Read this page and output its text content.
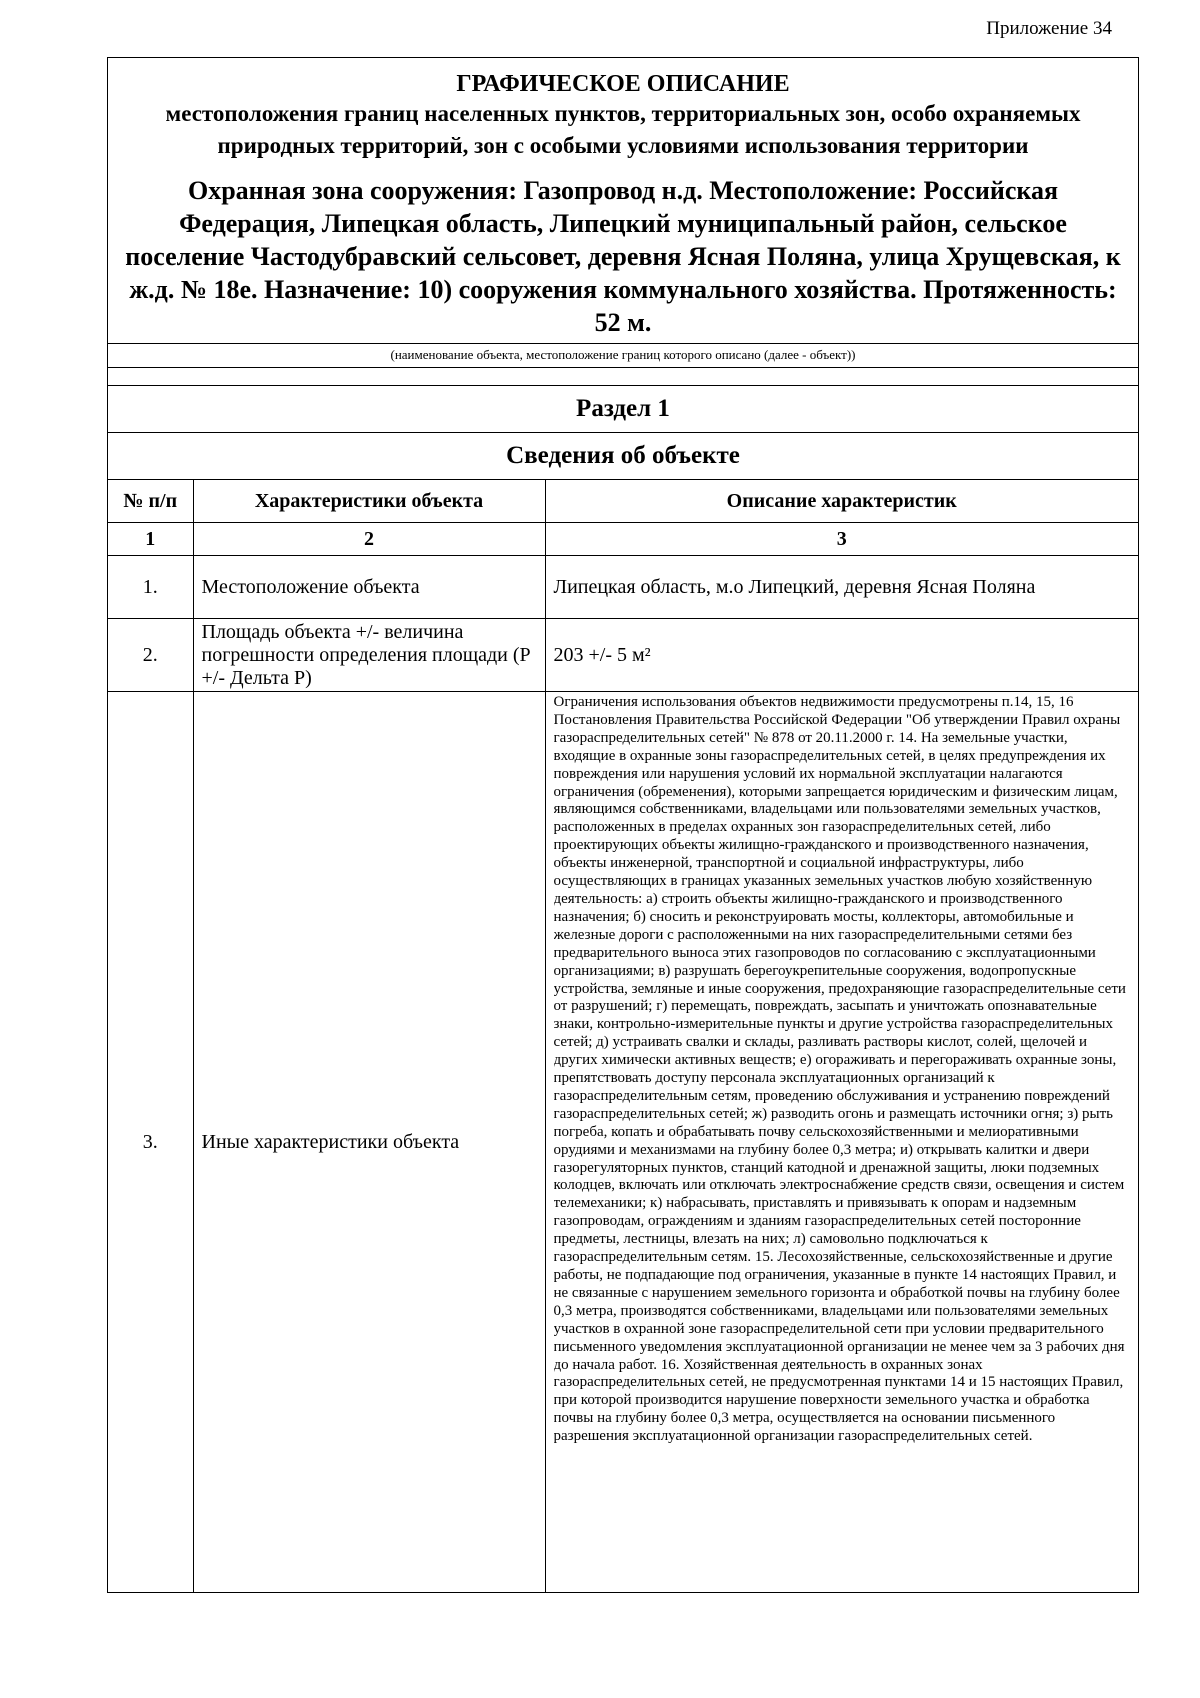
Приложение 34
ГРАФИЧЕСКОЕ ОПИСАНИЕ
местоположения границ населенных пунктов, территориальных зон, особо охраняемых природных территорий, зон с особыми условиями использования территории
Охранная зона сооружения: Газопровод н.д. Местоположение: Российская Федерация, Липецкая область, Липецкий муниципальный район, сельское поселение Частодубравский сельсовет, деревня Ясная Поляна, улица Хрущевская, к ж.д. № 18е. Назначение: 10) сооружения коммунального хозяйства. Протяженность: 52 м.
(наименование объекта, местоположение границ которого описано (далее - объект))
Раздел 1
Сведения об объекте
№ п/п	Характеристики объекта	Описание характеристик
1	2	3
1.	Местоположение объекта	Липецкая область, м.о Липецкий, деревня Ясная Поляна
2.	Площадь объекта +/- величина погрешности определения площади (Р +/- Дельта Р)	203 +/- 5 м²
3.	Иные характеристики объекта	Ограничения использования объектов недвижимости предусмотрены п.14, 15, 16 Постановления Правительства Российской Федерации "Об утверждении Правил охраны газораспределительных сетей" № 878 от 20.11.2000 г. 14. На земельные участки, входящие в охранные зоны газораспределительных сетей, в целях предупреждения их повреждения или нарушения условий их нормальной эксплуатации налагаются ограничения (обременения), которыми запрещается юридическим и физическим лицам, являющимся собственниками, владельцами или пользователями земельных участков, расположенных в пределах охранных зон газораспределительных сетей, либо проектирующих объекты жилищно-гражданского и производственного назначения, объекты инженерной, транспортной и социальной инфраструктуры, либо осуществляющих в границах указанных земельных участков любую хозяйственную деятельность: а) строить объекты жилищно-гражданского и производственного назначения; б) сносить и реконструировать мосты, коллекторы, автомобильные и железные дороги с расположенными на них газораспределительными сетями без предварительного выноса этих газопроводов по согласованию с эксплуатационными организациями; в) разрушать берегоукрепительные сооружения, водопропускные устройства, земляные и иные сооружения, предохраняющие газораспределительные сети от разрушений; г) перемещать, повреждать, засыпать и уничтожать опознавательные знаки, контрольно-измерительные пункты и другие устройства газораспределительных сетей; д) устраивать свалки и склады, разливать растворы кислот, солей, щелочей и других химически активных веществ; е) огораживать и перегораживать охранные зоны, препятствовать доступу персонала эксплуатационных организаций к газораспределительным сетям, проведению обслуживания и устранению повреждений газораспределительных сетей; ж) разводить огонь и размещать источники огня; з) рыть погреба, копать и обрабатывать почву сельскохозяйственными и мелиоративными орудиями и механизмами на глубину более 0,3 метра; и) открывать калитки и двери газорегуляторных пунктов, станций катодной и дренажной защиты, люки подземных колодцев, включать или отключать электроснабжение средств связи, освещения и систем телемеханики; к) набрасывать, приставлять и привязывать к опорам и надземным газопроводам, ограждениям и зданиям газораспределительных сетей посторонние предметы, лестницы, влезать на них; л) самовольно подключаться к газораспределительным сетям. 15. Лесохозяйственные, сельскохозяйственные и другие работы, не подпадающие под ограничения, указанные в пункте 14 настоящих Правил, и не связанные с нарушением земельного горизонта и обработкой почвы на глубину более 0,3 метра, производятся собственниками, владельцами или пользователями земельных участков в охранной зоне газораспределительной сети при условии предварительного письменного уведомления эксплуатационной организации не менее чем за 3 рабочих дня до начала работ. 16. Хозяйственная деятельность в охранных зонах газораспределительных сетей, не предусмотренная пунктами 14 и 15 настоящих Правил, при которой производится нарушение поверхности земельного участка и обработка почвы на глубину более 0,3 метра, осуществляется на основании письменного разрешения эксплуатационной организации газораспределительных сетей.
